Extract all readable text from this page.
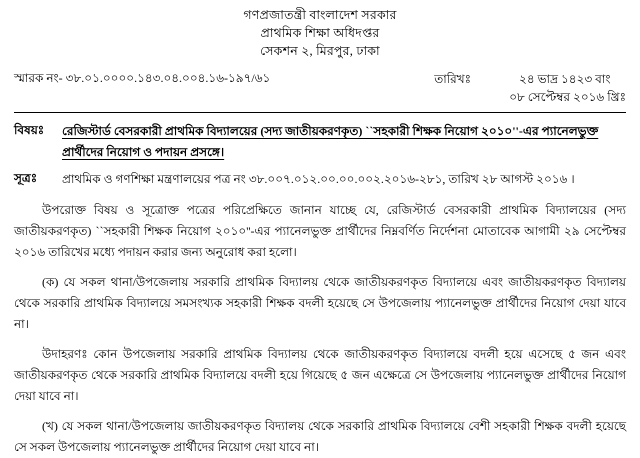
গণপ্রজাতন্ত্রী বাংলাদেশ সরকার
প্রাথমিক শিক্ষা অধিদপ্তর
সেকশন ২, মিরপুর, ঢাকা
স্মারক নং- ৩৮.০১.০০০০.১৪৩.০৪.০০৪.১৬-১৯৭/৬১	তারিখঃ	২৪ ভাদ্র ১৪২৩ বাং
০৮ সেপ্টেম্বর ২০১৬ খ্রিঃ
বিষয়ঃ	রেজিস্টার্ড বেসরকারী প্রাথমিক বিদ্যালয়ের (সদ্য জাতীয়করণকৃত) ``সহকারী শিক্ষক নিয়োগ ২০১০''-এর প্যানেলভুক্ত প্রার্থীদের নিয়োগ ও পদায়ন প্রসঙ্গে।
সূত্রঃ	প্রাথমিক ও গণশিক্ষা মন্ত্রণালয়ের পত্র নং ৩৮.০০৭.০১২.০০.০০.০০২.২০১৬-২৮১, তারিখ ২৮ আগস্ট ২০১৬ ।
উপরোক্ত বিষয় ও সূত্রোক্ত পত্রের পরিপ্রেক্ষিতে জানান যাচ্ছে যে, রেজিস্টার্ড বেসরকারী প্রাথমিক বিদ্যালয়ের (সদ্য জাতীয়করণকৃত) ``সহকারী শিক্ষক নিয়োগ ২০১০''-এর প্যানেলভুক্ত প্রার্থীদের নিম্নবর্ণিত নির্দেশনা মোতাবেক আগামী ২৯ সেপ্টেম্বর ২০১৬ তারিখের মধ্যে পদায়ন করার জন্য অনুরোধ করা হলো।
(ক) যে সকল থানা/উপজেলায় সরকারি প্রাথমিক বিদ্যালয় থেকে জাতীয়করণকৃত বিদ্যালয়ে এবং জাতীয়করণকৃত বিদ্যালয় থেকে সরকারি প্রাথমিক বিদ্যালয়ে সমসংখ্যক সহকারী শিক্ষক বদলী হয়েছে সে উপজেলায় প্যানেলভুক্ত প্রার্থীদের নিয়োগ দেয়া যাবে না।
উদাহরণঃ কোন উপজেলায় সরকারি প্রাথমিক বিদ্যালয় থেকে জাতীয়করণকৃত বিদ্যালয়ে বদলী হয়ে এসেছে ৫ জন এবং জাতীয়করণকৃত থেকে সরকারি প্রাথমিক বিদ্যালয়ে বদলী হয়ে গিয়েছে ৫ জন এক্ষেত্রে সে উপজেলায় প্যানেলভুক্ত প্রার্থীদের নিয়োগ দেয়া যাবে না।
(খ) যে সকল থানা/উপজেলায় জাতীয়করণকৃত বিদ্যালয় থেকে সরকারি প্রাথমিক বিদ্যালয়ে বেশী সহকারী শিক্ষক বদলী হয়েছে সে সকল উপজেলায় প্যানেলভুক্ত প্রার্থীদের নিয়োগ দেয়া যাবে না।
